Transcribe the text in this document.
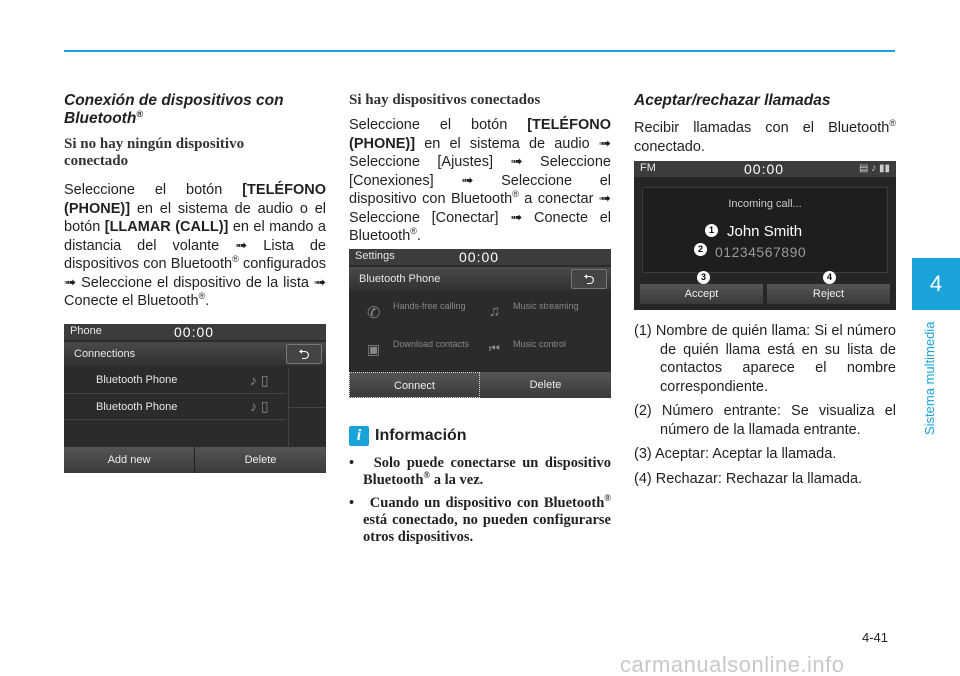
4
Sistema multimedia
Conexión de dispositivos con Bluetooth®
Si no hay ningún dispositivo conectado

Seleccione el botón [TELÉFONO (PHONE)] en el sistema de audio o el botón [LLAMAR (CALL)] en el mando a distancia del volante ➟ Lista de dispositivos con Bluetooth® configurados ➟ Seleccione el dispositivo de la lista ➟ Conecte el Bluetooth®.

Phone	00:00
Connections	⮌
Bluetooth Phone	♪ ▯
Bluetooth Phone	♪ ▯
Add new	Delete
Si hay dispositivos conectados

Seleccione el botón [TELÉFONO (PHONE)] en el sistema de audio ➟ Seleccione [Ajustes] ➟ Seleccione [Conexiones] ➟ Seleccione el dispositivo con Bluetooth® a conectar ➟ Seleccione [Conectar] ➟ Conecte el Bluetooth®.

Settings	00:00
Bluetooth Phone	⮌
✆ Hands-free calling	♫ Music streaming
▣ Download contacts	⏮ Music control
Connect	Delete
i Información
•   Solo puede conectarse un dispositivo Bluetooth® a la vez.
•   Cuando un dispositivo con Bluetooth® está conectado, no pueden configurarse otros dispositivos.
Aceptar/rechazar llamadas

Recibir llamadas con el Bluetooth® conectado.

FM	00:00	▤ ♪ ▮▮
Incoming call...
John Smith
01234567890
1
2
3	4
Accept	Reject
(1) Nombre de quién llama: Si el número de quién llama está en su lista de contactos aparece el nombre correspondiente.
(2) Número entrante: Se visualiza el número de la llamada entrante.
(3) Aceptar: Aceptar la llamada.
(4) Rechazar: Rechazar la llamada.
4-41
carmanualsonline.info
